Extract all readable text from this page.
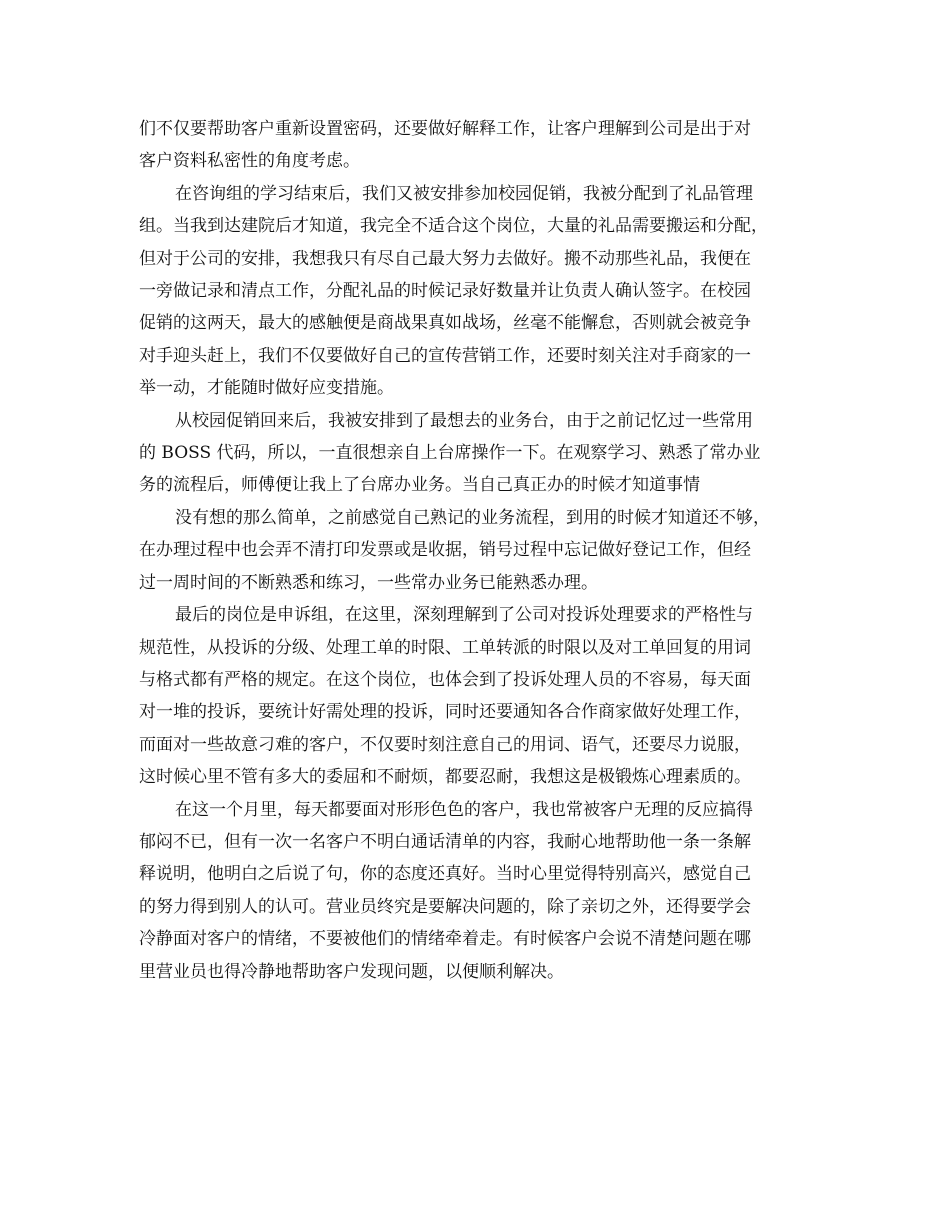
们不仅要帮助客户重新设置密码，还要做好解释工作，让客户理解到公司是出于对
客户资料私密性的角度考虑。

在咨询组的学习结束后，我们又被安排参加校园促销，我被分配到了礼品管理
组。当我到达建院后才知道，我完全不适合这个岗位，大量的礼品需要搬运和分配，
但对于公司的安排，我想我只有尽自己最大努力去做好。搬不动那些礼品，我便在
一旁做记录和清点工作，分配礼品的时候记录好数量并让负责人确认签字。在校园
促销的这两天，最大的感触便是商战果真如战场，丝毫不能懈怠，否则就会被竞争
对手迎头赶上，我们不仅要做好自己的宣传营销工作，还要时刻关注对手商家的一
举一动，才能随时做好应变措施。

从校园促销回来后，我被安排到了最想去的业务台，由于之前记忆过一些常用
的 BOSS 代码，所以，一直很想亲自上台席操作一下。在观察学习、熟悉了常办业
务的流程后，师傅便让我上了台席办业务。当自己真正办的时候才知道事情

没有想的那么简单，之前感觉自己熟记的业务流程，到用的时候才知道还不够，
在办理过程中也会弄不清打印发票或是收据，销号过程中忘记做好登记工作，但经
过一周时间的不断熟悉和练习，一些常办业务已能熟悉办理。

最后的岗位是申诉组，在这里，深刻理解到了公司对投诉处理要求的严格性与
规范性，从投诉的分级、处理工单的时限、工单转派的时限以及对工单回复的用词
与格式都有严格的规定。在这个岗位，也体会到了投诉处理人员的不容易，每天面
对一堆的投诉，要统计好需处理的投诉，同时还要通知各合作商家做好处理工作，
而面对一些故意刁难的客户，不仅要时刻注意自己的用词、语气，还要尽力说服，
这时候心里不管有多大的委屈和不耐烦，都要忍耐，我想这是极锻炼心理素质的。

在这一个月里，每天都要面对形形色色的客户，我也常被客户无理的反应搞得
郁闷不已，但有一次一名客户不明白通话清单的内容，我耐心地帮助他一条一条解
释说明，他明白之后说了句，你的态度还真好。当时心里觉得特别高兴，感觉自己
的努力得到别人的认可。营业员终究是要解决问题的，除了亲切之外，还得要学会
冷静面对客户的情绪，不要被他们的情绪牵着走。有时候客户会说不清楚问题在哪
里营业员也得冷静地帮助客户发现问题，以便顺利解决。
